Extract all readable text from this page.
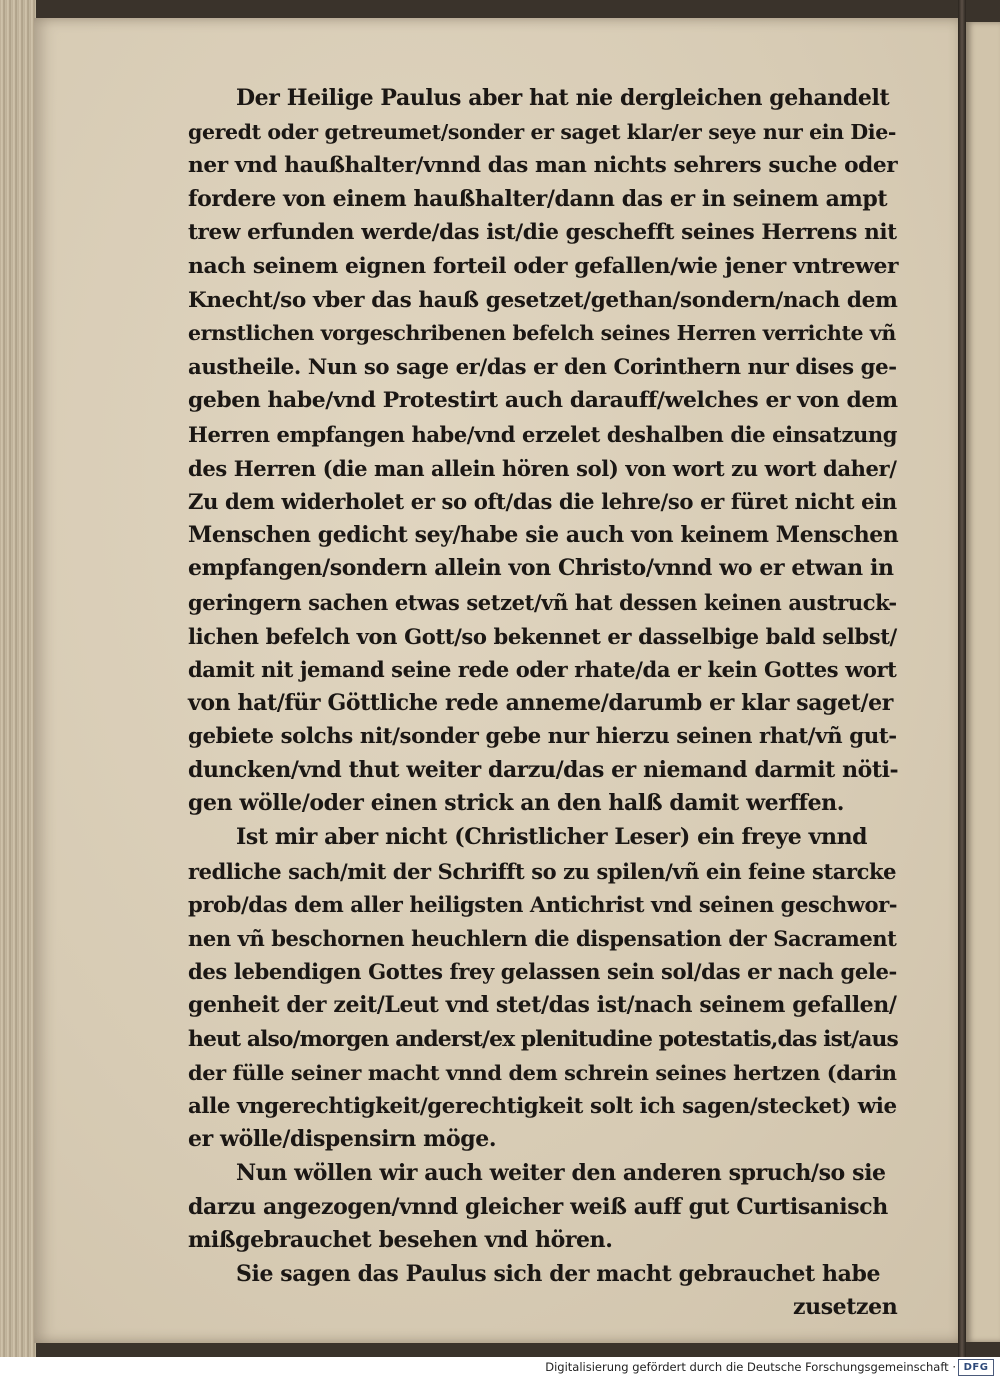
Der Heilige Paulus aber hat nie dergleichen gehandelt
geredt oder getreumet/sonder er saget klar/er seye nur ein Die-
ner vnd haußhalter/vnnd das man nichts sehrers suche oder
fordere von einem haußhalter/dann das er in seinem ampt
trew erfunden werde/das ist/die geschefft seines Herrens nit
nach seinem eignen forteil oder gefallen/wie jener vntrewer
Knecht/so vber das hauß gesetzet/gethan/sondern/nach dem
ernstlichen vorgeschribenen befelch seines Herren verrichte vñ
austheile. Nun so sage er/das er den Corinthern nur dises ge-
geben habe/vnd Protestirt auch darauff/welches er von dem
Herren empfangen habe/vnd erzelet deshalben die einsatzung
des Herren (die man allein hören sol) von wort zu wort daher/
Zu dem widerholet er so oft/das die lehre/so er füret nicht ein
Menschen gedicht sey/habe sie auch von keinem Menschen
empfangen/sondern allein von Christo/vnnd wo er etwan in
geringern sachen etwas setzet/vñ hat dessen keinen austruck-
lichen befelch von Gott/so bekennet er dasselbige bald selbst/
damit nit jemand seine rede oder rhate/da er kein Gottes wort
von hat/für Göttliche rede anneme/darumb er klar saget/er
gebiete solchs nit/sonder gebe nur hierzu seinen rhat/vñ gut-
duncken/vnd thut weiter darzu/das er niemand darmit nöti-
gen wölle/oder einen strick an den halß damit werffen.
Ist mir aber nicht (Christlicher Leser) ein freye vnnd
redliche sach/mit der Schrifft so zu spilen/vñ ein feine starcke
prob/das dem aller heiligsten Antichrist vnd seinen geschwor-
nen vñ beschornen heuchlern die dispensation der Sacrament
des lebendigen Gottes frey gelassen sein sol/das er nach gele-
genheit der zeit/Leut vnd stet/das ist/nach seinem gefallen/
heut also/morgen anderst/ex plenitudine potestatis,das ist/aus
der fülle seiner macht vnnd dem schrein seines hertzen (darin
alle vngerechtigkeit/gerechtigkeit solt ich sagen/stecket) wie
er wölle/dispensirn möge.
Nun wöllen wir auch weiter den anderen spruch/so sie
darzu angezogen/vnnd gleicher weiß auff gut Curtisanisch
mißgebrauchet besehen vnd hören.
Sie sagen das Paulus sich der macht gebrauchet habe
zusetzen
Digitalisierung gefördert durch die Deutsche Forschungsgemeinschaft · DFG
